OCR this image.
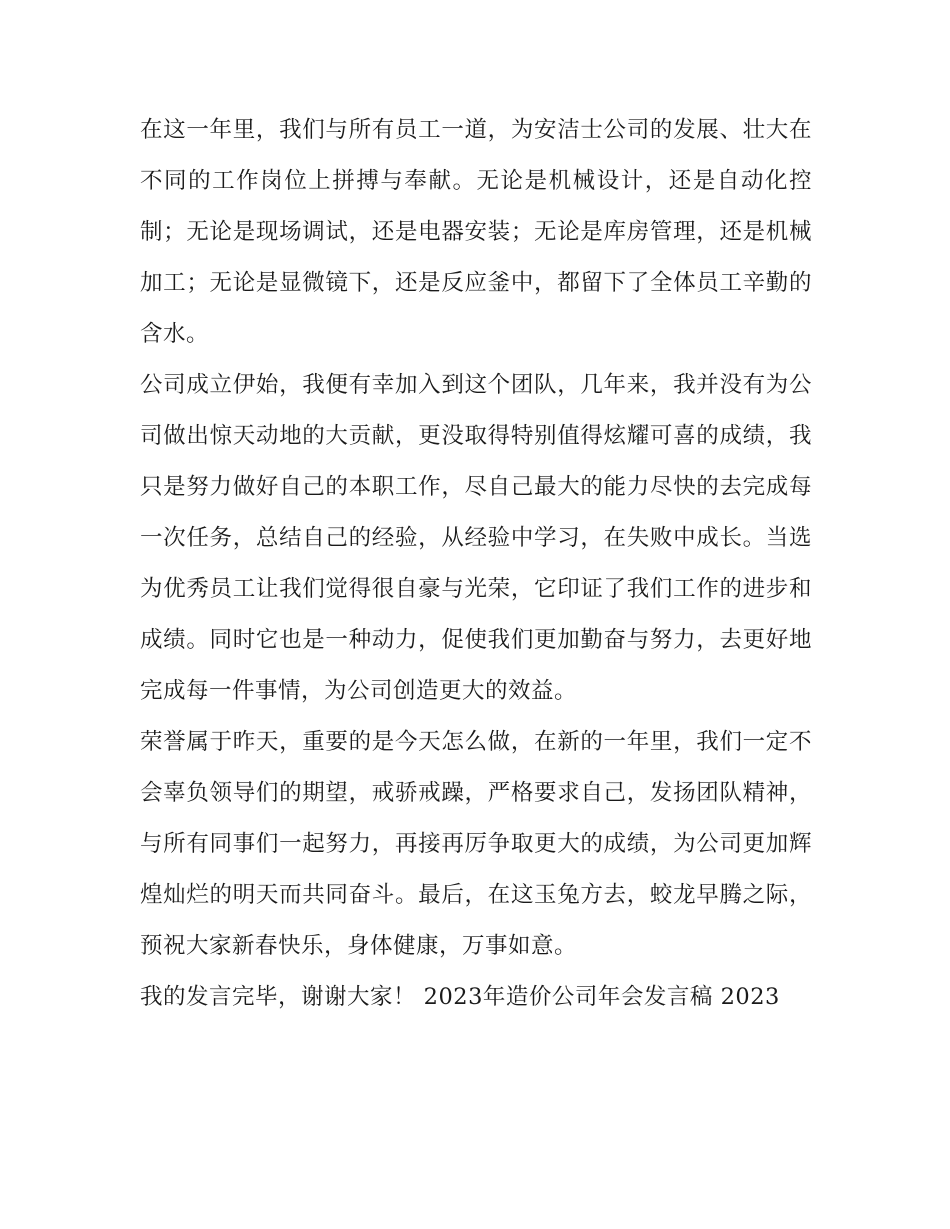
在这一年里，我们与所有员工一道，为安洁士公司的发展、壮大在不同的工作岗位上拼搏与奉献。无论是机械设计，还是自动化控制；无论是现场调试，还是电器安装；无论是库房管理，还是机械加工；无论是显微镜下，还是反应釜中，都留下了全体员工辛勤的含水。

公司成立伊始，我便有幸加入到这个团队，几年来，我并没有为公司做出惊天动地的大贡献，更没取得特别值得炫耀可喜的成绩，我只是努力做好自己的本职工作，尽自己最大的能力尽快的去完成每一次任务，总结自己的经验，从经验中学习，在失败中成长。当选为优秀员工让我们觉得很自豪与光荣，它印证了我们工作的进步和成绩。同时它也是一种动力，促使我们更加勤奋与努力，去更好地完成每一件事情，为公司创造更大的效益。

荣誉属于昨天，重要的是今天怎么做，在新的一年里，我们一定不会辜负领导们的期望，戒骄戒躁，严格要求自己，发扬团队精神，与所有同事们一起努力，再接再厉争取更大的成绩，为公司更加辉煌灿烂的明天而共同奋斗。最后，在这玉兔方去，蛟龙早腾之际，预祝大家新春快乐，身体健康，万事如意。

我的发言完毕，谢谢大家！ 2023年造价公司年会发言稿 2023
